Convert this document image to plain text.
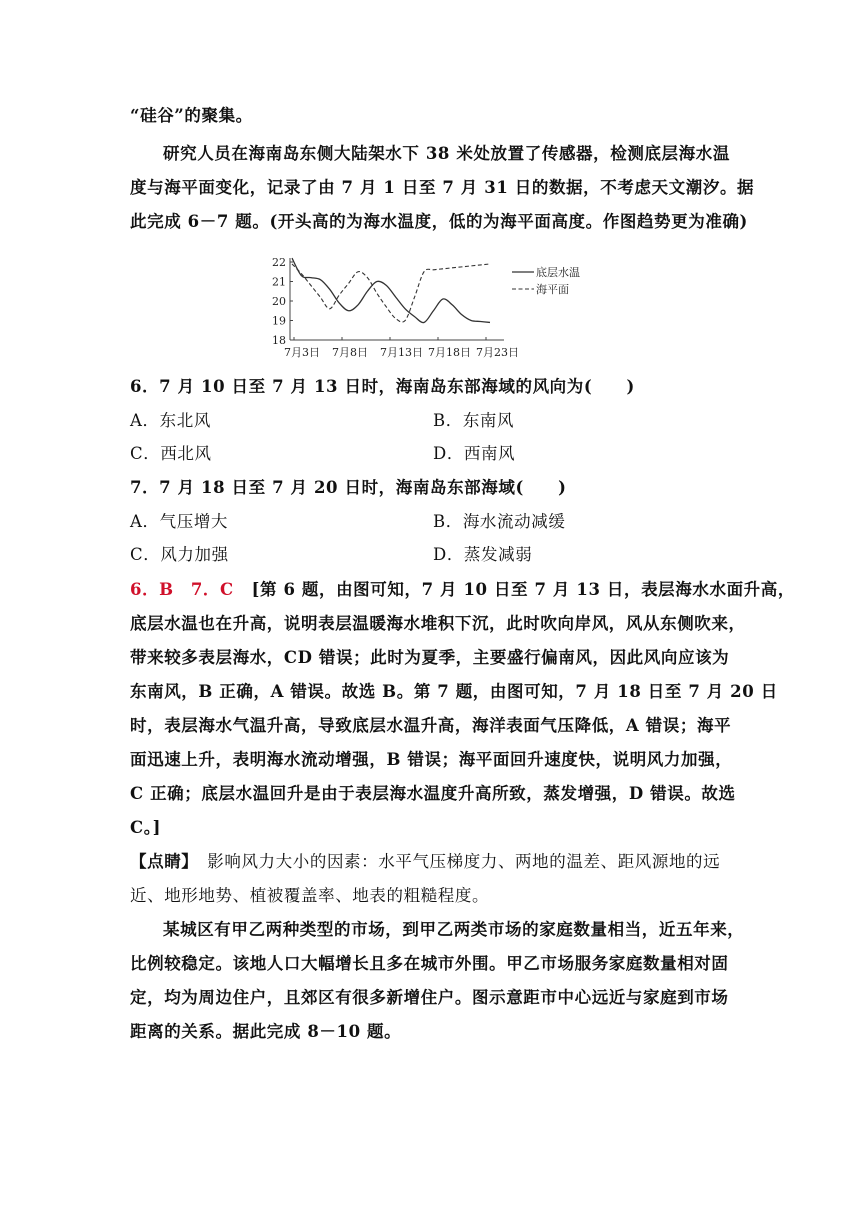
“硅谷”的聚集。
研究人员在海南岛东侧大陆架水下 38 米处放置了传感器，检测底层海水温
度与海平面变化，记录了由 7 月 1 日至 7 月 31 日的数据，不考虑天文潮汐。据
此完成 6－7 题。(开头高的为海水温度，低的为海平面高度。作图趋势更为准确)
22
21
20
19
18
7月3日 7月8日 7月13日 7月18日 7月23日
底层水温
海平面
6．7 月 10 日至 7 月 13 日时，海南岛东部海域的风向为(　　)
A．东北风	B．东南风
C．西北风	D．西南风
7．7 月 18 日至 7 月 20 日时，海南岛东部海域(　　)
A．气压增大	B．海水流动减缓
C．风力加强	D．蒸发减弱
6．B　7．C [第 6 题，由图可知，7 月 10 日至 7 月 13 日，表层海水水面升高，
底层水温也在升高，说明表层温暖海水堆积下沉，此时吹向岸风，风从东侧吹来，
带来较多表层海水，CD 错误；此时为夏季，主要盛行偏南风，因此风向应该为
东南风，B 正确，A 错误。故选 B。第 7 题，由图可知，7 月 18 日至 7 月 20 日
时，表层海水气温升高，导致底层水温升高，海洋表面气压降低，A 错误；海平
面迅速上升，表明海水流动增强，B 错误；海平面回升速度快，说明风力加强，
C 正确；底层水温回升是由于表层海水温度升高所致，蒸发增强，D 错误。故选
C。]
【点睛】　影响风力大小的因素：水平气压梯度力、两地的温差、距风源地的远
近、地形地势、植被覆盖率、地表的粗糙程度。
某城区有甲乙两种类型的市场，到甲乙两类市场的家庭数量相当，近五年来，
比例较稳定。该地人口大幅增长且多在城市外围。甲乙市场服务家庭数量相对固
定，均为周边住户，且郊区有很多新增住户。图示意距市中心远近与家庭到市场
距离的关系。据此完成 8－10 题。
